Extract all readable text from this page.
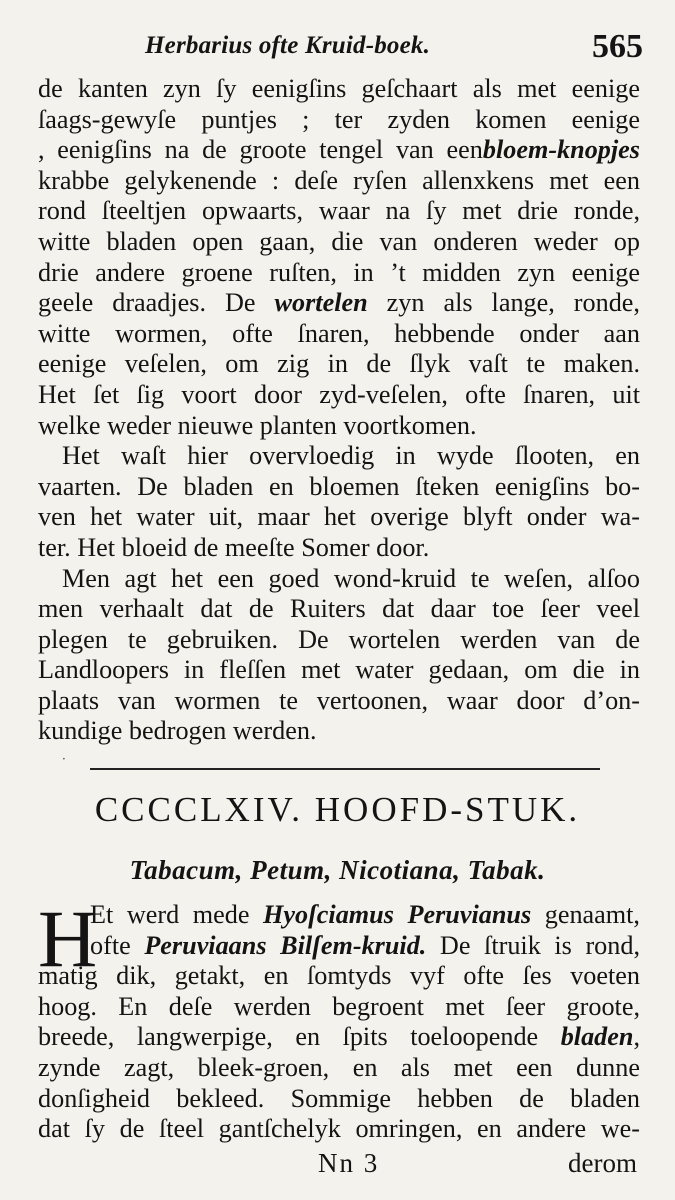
Herbarius ofte Kruid-boek.	565
de kanten zyn ſy eenigſins geſchaart als met eenige
ſaags-gewyſe puntjes ; ter zyden komen eenige
, eenigſins na de groote tengel van eenbloem-knopjes
krabbe gelykenende : deſe ryſen allenxkens met een
rond ſteeltjen opwaarts, waar na ſy met drie ronde,
witte bladen open gaan, die van onderen weder op
drie andere groene ruſten, in ’t midden zyn eenige
geele draadjes. De wortelen zyn als lange, ronde,
witte wormen, ofte ſnaren, hebbende onder aan
eenige veſelen, om zig in de ſlyk vaſt te maken.
Het ſet ſig voort door zyd-veſelen, ofte ſnaren, uit
welke weder nieuwe planten voortkomen.
Het waſt hier overvloedig in wyde ſlooten, en
vaarten. De bladen en bloemen ſteken eenigſins bo-
ven het water uit, maar het overige blyft onder wa-
ter. Het bloeid de meeſte Somer door.
Men agt het een goed wond-kruid te weſen, alſoo
men verhaalt dat de Ruiters dat daar toe ſeer veel
plegen te gebruiken. De wortelen werden van de
Landloopers in fleſſen met water gedaan, om die in
plaats van wormen te vertoonen, waar door d’on-
kundige bedrogen werden.
·
CCCCLXIV. HOOFD-STUK.
Tabacum, Petum, Nicotiana, Tabak.
H
Et werd mede Hyoſciamus Peruvianus genaamt,
ofte Peruviaans Bilſem-kruid. De ſtruik is rond,
matig dik, getakt, en ſomtyds vyf ofte ſes voeten
hoog. En deſe werden begroent met ſeer groote,
breede, langwerpige, en ſpits toeloopende bladen,
zynde zagt, bleek-groen, en als met een dunne
donſigheid bekleed. Sommige hebben de bladen
dat ſy de ſteel gantſchelyk omringen, en andere we-
Nn 3	derom
